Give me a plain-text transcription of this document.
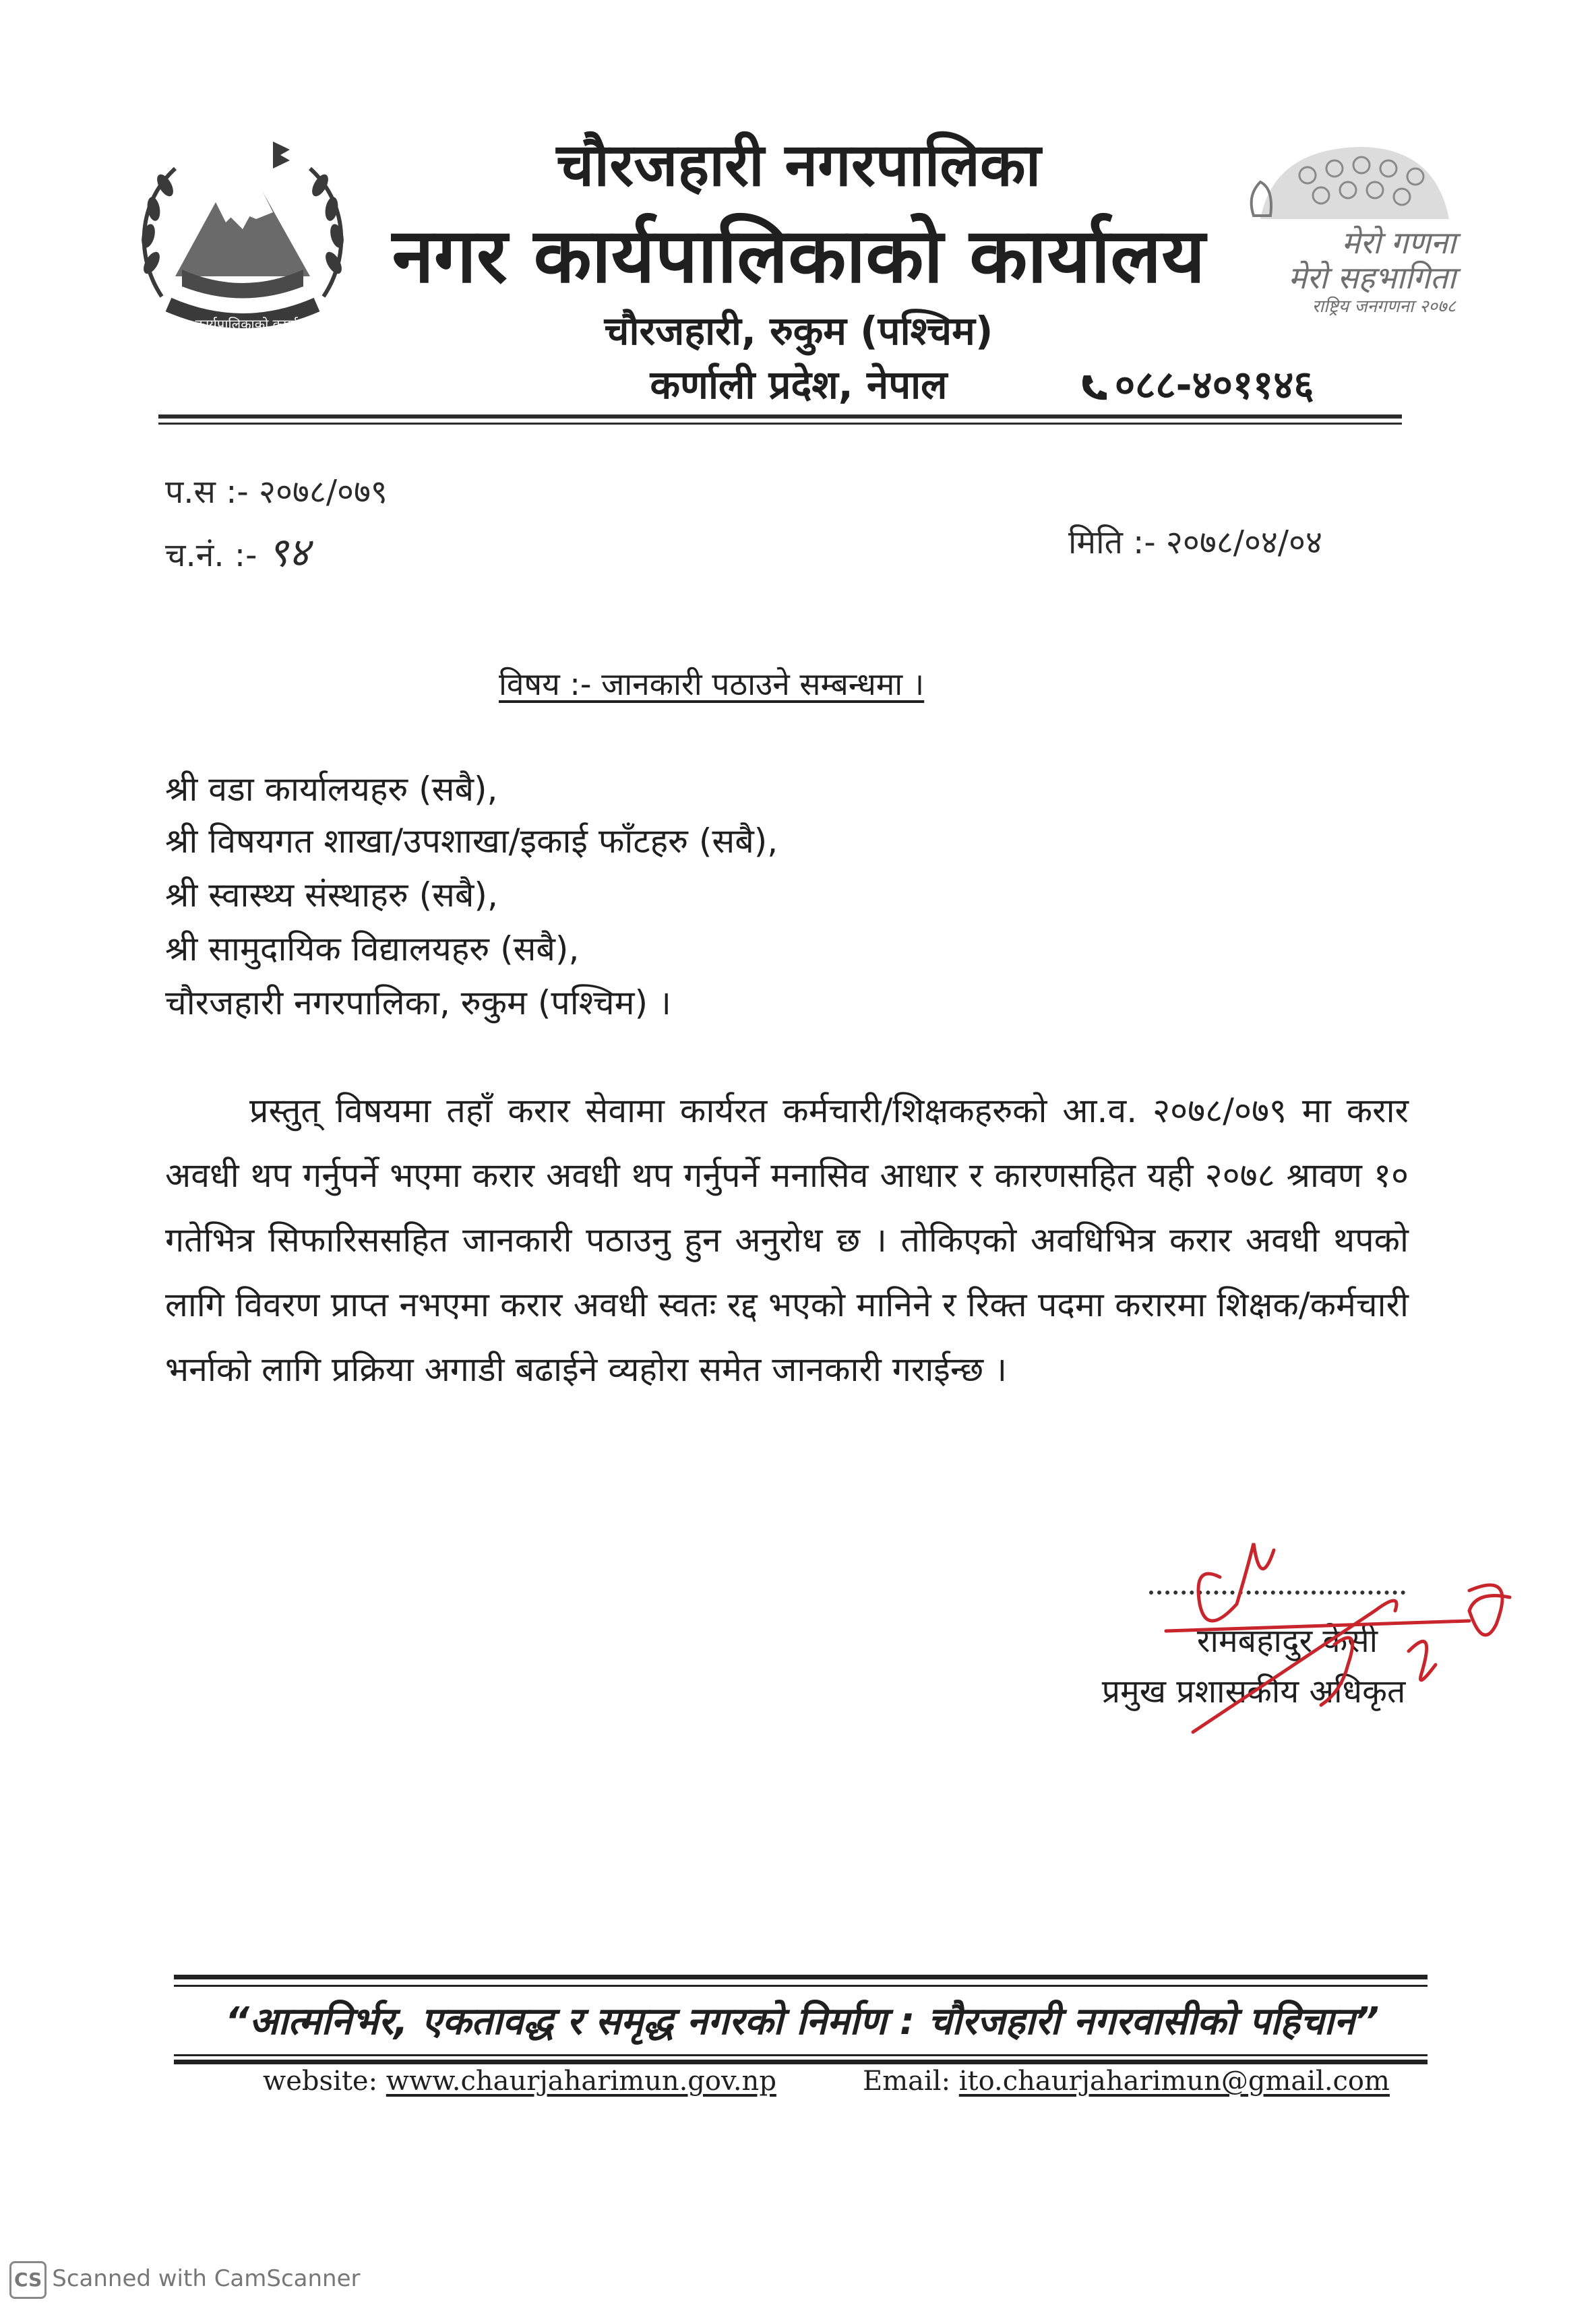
नगर कार्यपालिकाको कार्यालय
चौरजहारी नगरपालिका
नगर कार्यपालिकाको कार्यालय
चौरजहारी, रुकुम (पश्चिम)
कर्णाली प्रदेश, नेपाल	०८८-४०११४६
मेरो गणना
मेरो सहभागिता
राष्ट्रिय जनगणना २०७८
प.स :- २०७८/०७९
च.नं. :- ९४	मिति :- २०७८/०४/०४
विषय :- जानकारी पठाउने सम्बन्धमा ।
श्री वडा कार्यालयहरु (सबै),
श्री विषयगत शाखा/उपशाखा/इकाई फाँटहरु (सबै),
श्री स्वास्थ्य संस्थाहरु (सबै),
श्री सामुदायिक विद्यालयहरु (सबै),
चौरजहारी नगरपालिका, रुकुम (पश्चिम) ।
प्रस्तुत् विषयमा तहाँ करार सेवामा कार्यरत कर्मचारी/शिक्षकहरुको आ.व. २०७८/०७९ मा करार अवधी थप गर्नुपर्ने भएमा करार अवधी थप गर्नुपर्ने मनासिव आधार र कारणसहित यही २०७८ श्रावण १० गतेभित्र सिफारिससहित जानकारी पठाउनु हुन अनुरोध छ । तोकिएको अवधिभित्र करार अवधी थपको लागि विवरण प्राप्त नभएमा करार अवधी स्वतः रद्द भएको मानिने र रिक्त पदमा करारमा शिक्षक/कर्मचारी भर्नाको लागि प्रक्रिया अगाडी बढाईने व्यहोरा समेत जानकारी गराईन्छ ।
रामबहादुर केसी
प्रमुख प्रशासकीय अधिकृत
“आत्मनिर्भर, एकतावद्ध र समृद्ध नगरको निर्माण : चौरजहारी नगरवासीको पहिचान”
website: www.chaurjaharimun.gov.np	Email: ito.chaurjaharimun@gmail.com
CS Scanned with CamScanner
